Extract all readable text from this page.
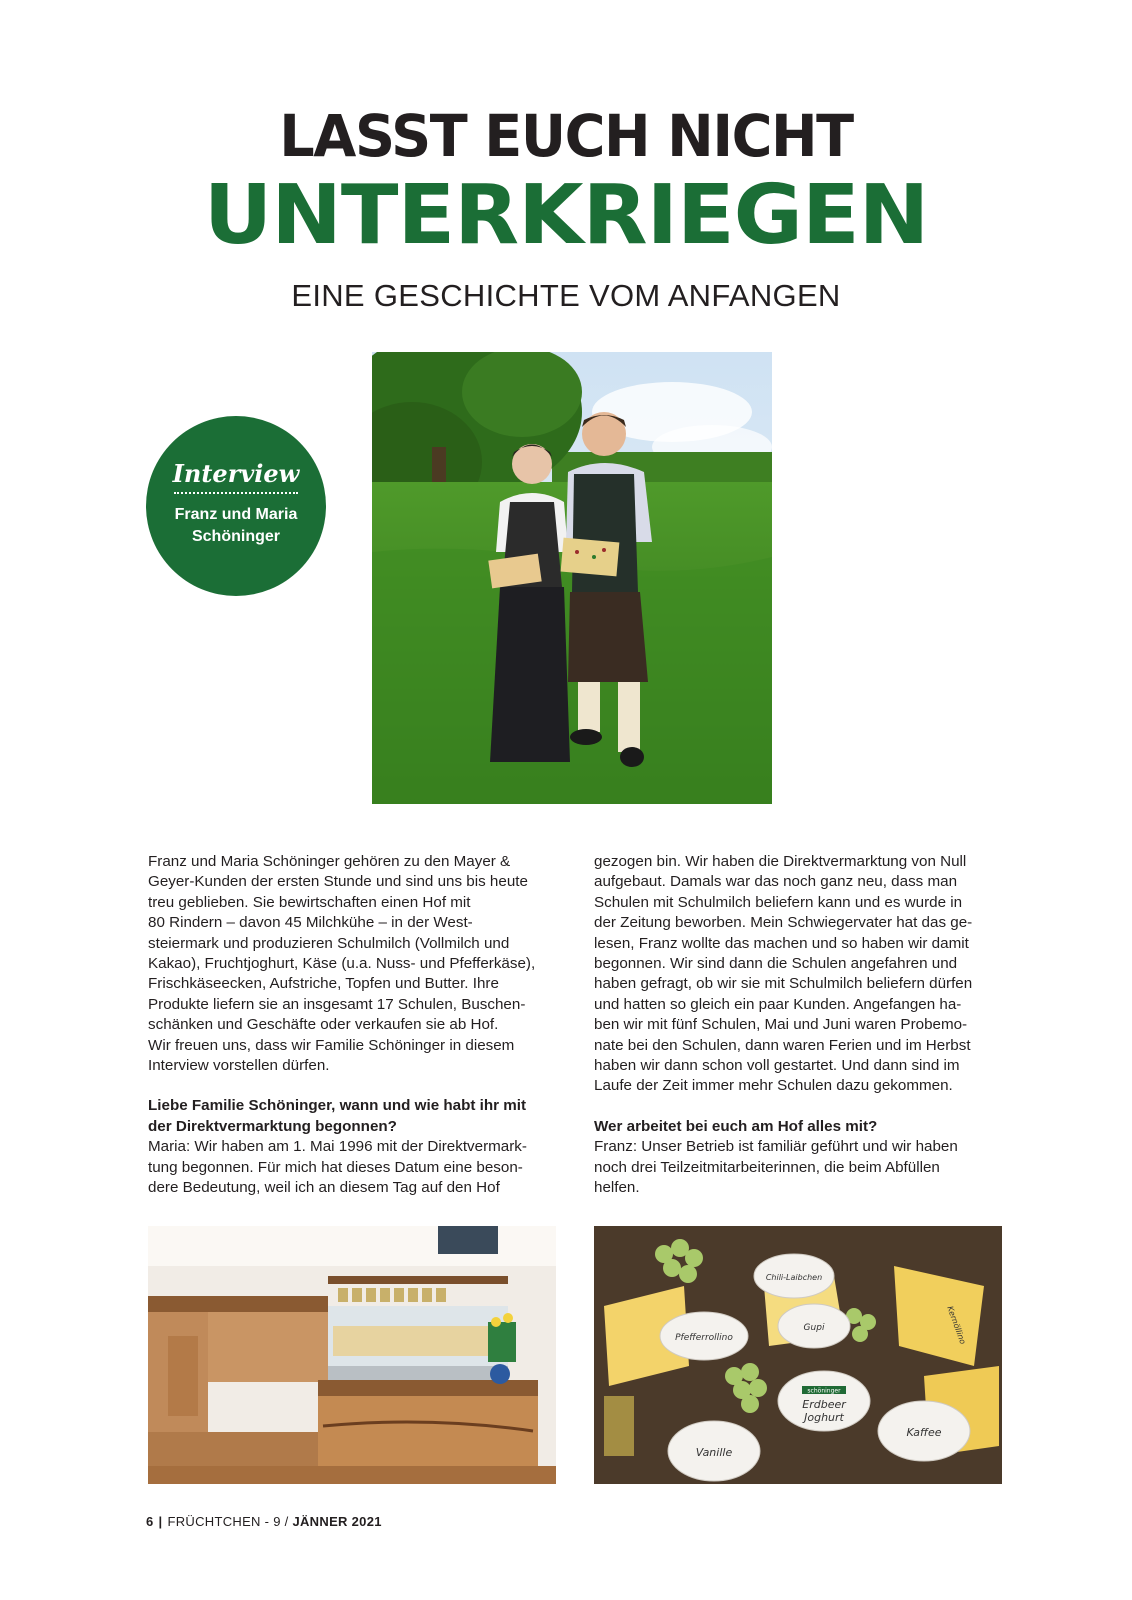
LASST EUCH NICHT
UNTERKRIEGEN
EINE GESCHICHTE VOM ANFANGEN
Interview
Franz und Maria
Schöninger

Franz und Maria Schöninger gehören zu den Mayer &

Geyer-Kunden der ersten Stunde und sind uns bis heute

treu geblieben. Sie bewirtschaften einen Hof mit

80 Rindern – davon 45 Milchkühe – in der West-

steiermark und produzieren Schulmilch (Vollmilch und

Kakao), Fruchtjoghurt, Käse (u.a. Nuss- und Pfefferkäse),

Frischkäseecken, Aufstriche, Topfen und Butter. Ihre

Produkte liefern sie an insgesamt 17 Schulen, Buschen-

schänken und Geschäfte oder verkaufen sie ab Hof.

Wir freuen uns, dass wir Familie Schöninger in diesem

Interview vorstellen dürfen.

Liebe Familie Schöninger, wann und wie habt ihr mit

der Direktvermarktung begonnen?

Maria: Wir haben am 1. Mai 1996 mit der Direktvermark-

tung begonnen. Für mich hat dieses Datum eine beson-

dere Bedeutung, weil ich an diesem Tag auf den Hof

gezogen bin. Wir haben die Direktvermarktung von Null

aufgebaut. Damals war das noch ganz neu, dass man

Schulen mit Schulmilch beliefern kann und es wurde in

der Zeitung beworben. Mein Schwiegervater hat das ge-

lesen, Franz wollte das machen und so haben wir damit

begonnen. Wir sind dann die Schulen angefahren und

haben gefragt, ob wir sie mit Schulmilch beliefern dürfen

und hatten so gleich ein paar Kunden. Angefangen ha-

ben wir mit fünf Schulen, Mai und Juni waren Probemo-

nate bei den Schulen, dann waren Ferien und im Herbst

haben wir dann schon voll gestartet. Und dann sind im

Laufe der Zeit immer mehr Schulen dazu gekommen.

Wer arbeitet bei euch am Hof alles mit?

Franz: Unser Betrieb ist familiär geführt und wir haben

noch drei Teilzeitmitarbeiterinnen, die beim Abfüllen

helfen.

schöninger
Erdbeer
Joghurt
Vanille
Kaffee
Pfefferrollino
Gupi
Chili-Laibchen
Kernöllino
6 | FRÜCHTCHEN - 9 / JÄNNER 2021
